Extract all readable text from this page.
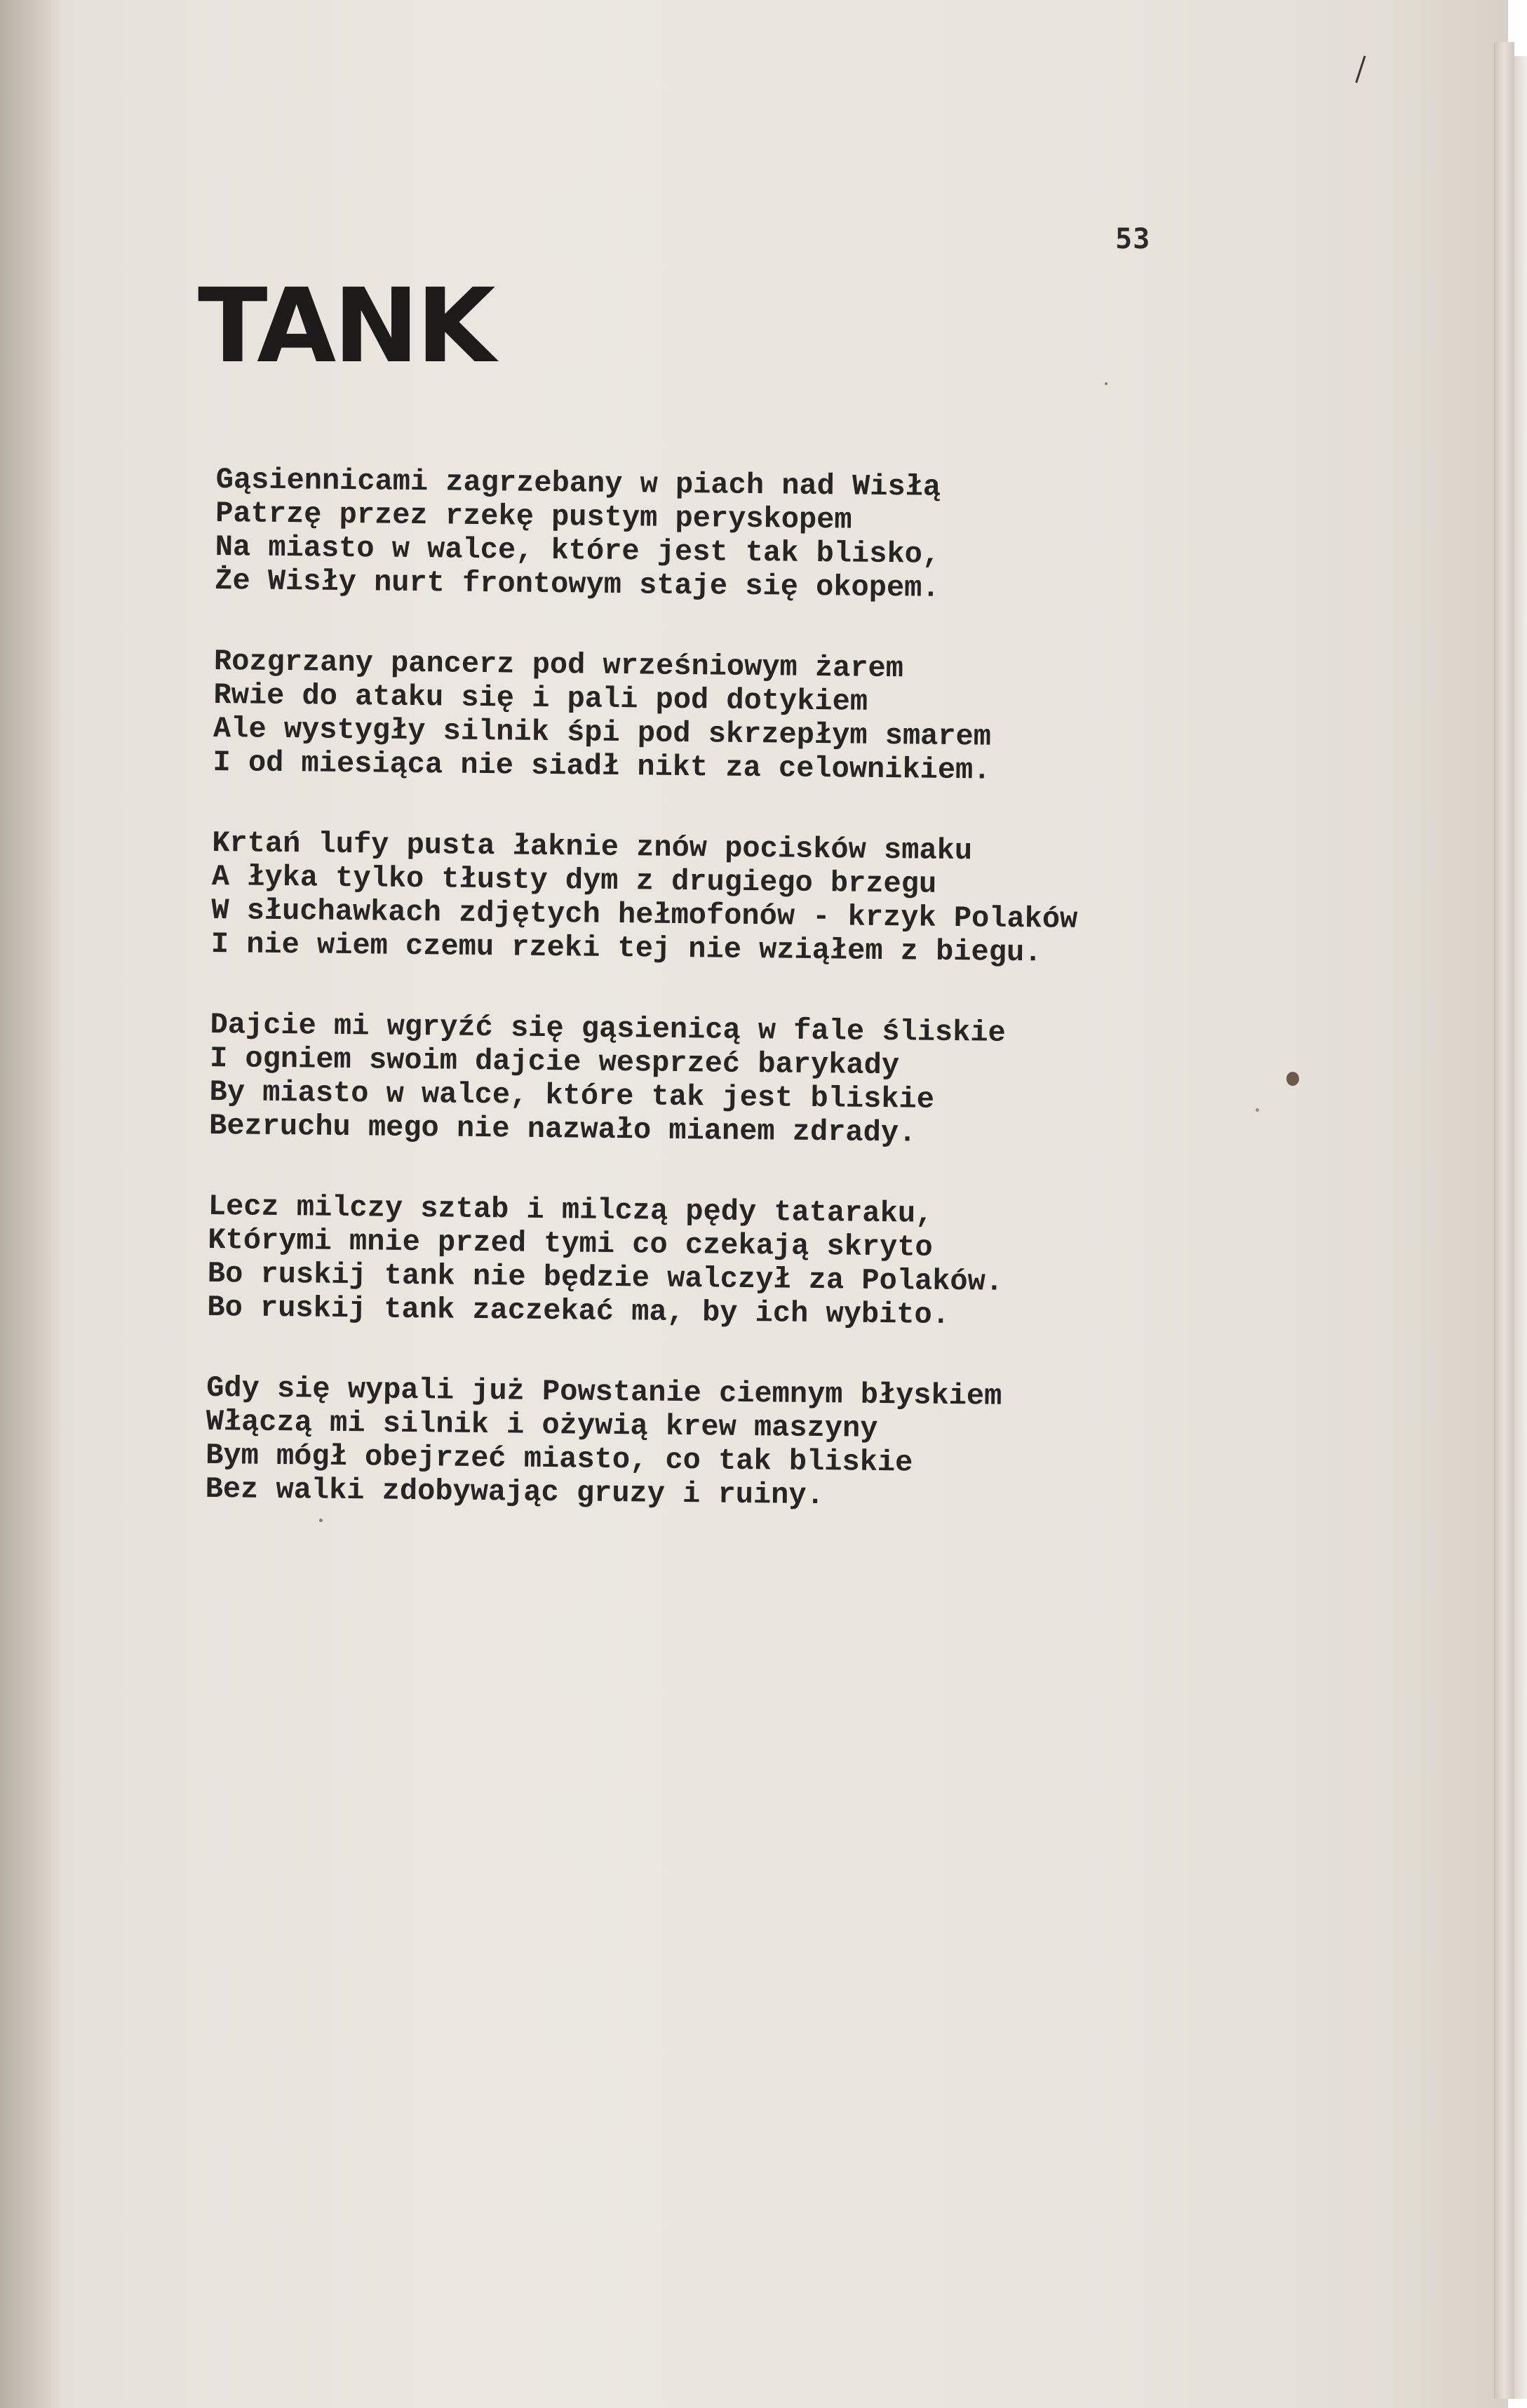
53
TANK
Gąsiennicami zagrzebany w piach nad Wisłą
Patrzę przez rzekę pustym peryskopem
Na miasto w walce, które jest tak blisko,
Że Wisły nurt frontowym staje się okopem.
Rozgrzany pancerz pod wrześniowym żarem
Rwie do ataku się i pali pod dotykiem
Ale wystygły silnik śpi pod skrzepłym smarem
I od miesiąca nie siadł nikt za celownikiem.
Krtań lufy pusta łaknie znów pocisków smaku
A łyka tylko tłusty dym z drugiego brzegu
W słuchawkach zdjętych hełmofonów - krzyk Polaków
I nie wiem czemu rzeki tej nie wziąłem z biegu.
Dajcie mi wgryźć się gąsienicą w fale śliskie
I ogniem swoim dajcie wesprzeć barykady
By miasto w walce, które tak jest bliskie
Bezruchu mego nie nazwało mianem zdrady.
Lecz milczy sztab i milczą pędy tataraku,
Którymi mnie przed tymi co czekają skryto
Bo ruskij tank nie będzie walczył za Polaków.
Bo ruskij tank zaczekać ma, by ich wybito.
Gdy się wypali już Powstanie ciemnym błyskiem
Włączą mi silnik i ożywią krew maszyny
Bym mógł obejrzeć miasto, co tak bliskie
Bez walki zdobywając gruzy i ruiny.
